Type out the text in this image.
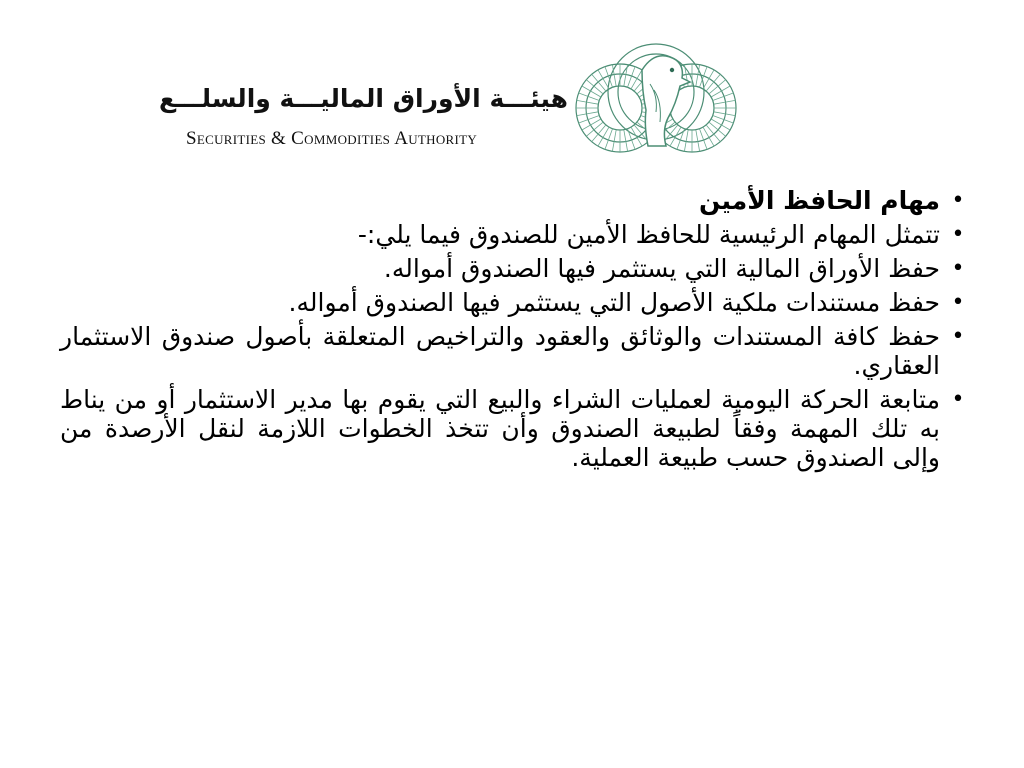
هيئـــة الأوراق الماليـــة والسلـــع
Securities & Commodities Authority
•
مهام الحافظ الأمين
•
تتمثل المهام الرئيسية للحافظ الأمين للصندوق فيما يلي:-
•
حفظ الأوراق المالية التي يستثمر فيها الصندوق أمواله.
•
حفظ مستندات ملكية الأصول التي يستثمر فيها الصندوق أمواله.
•
حفظ كافة المستندات والوثائق والعقود والتراخيص المتعلقة بأصول صندوق الاستثمار العقاري.
•
متابعة الحركة اليومية لعمليات الشراء والبيع التي يقوم بها مدير الاستثمار أو من يناط به تلك المهمة وفقاً لطبيعة الصندوق وأن تتخذ الخطوات اللازمة لنقل الأرصدة من وإلى الصندوق حسب طبيعة العملية.
